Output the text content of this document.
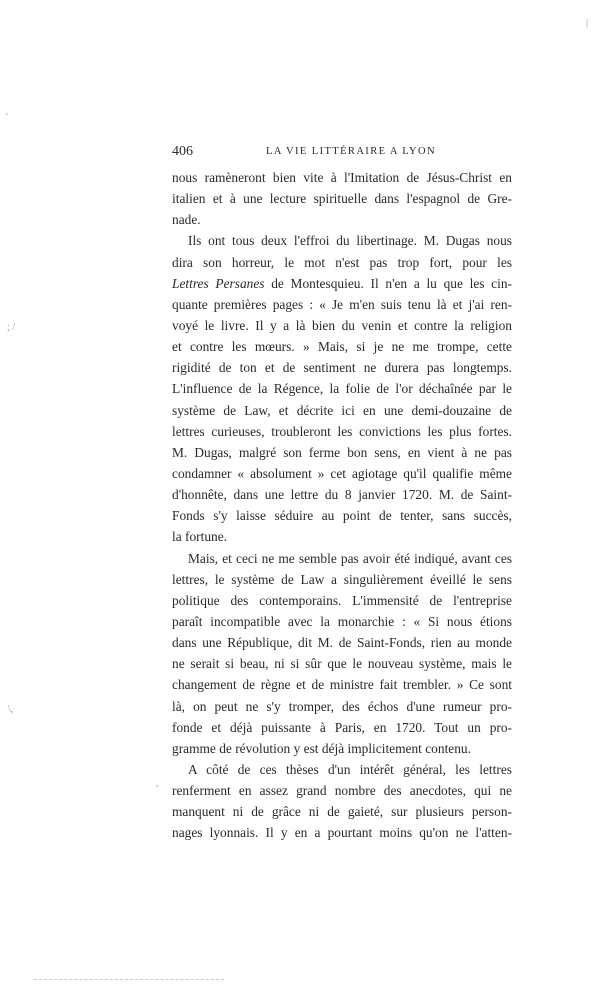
'
; /
\,
,
|
406	LA VIE LITTÉRAIRE A LYON
nous ramèneront bien vite à l'Imitation de Jésus-Christ en
italien et à une lecture spirituelle dans l'espagnol de Gre-
nade.
Ils ont tous deux l'effroi du libertinage. M. Dugas nous
dira son horreur, le mot n'est pas trop fort, pour les
Lettres Persanes de Montesquieu. Il n'en a lu que les cin-
quante premières pages : « Je m'en suis tenu là et j'ai ren-
voyé le livre. Il y a là bien du venin et contre la religion
et contre les mœurs. » Mais, si je ne me trompe, cette
rigidité de ton et de sentiment ne durera pas longtemps.
L'influence de la Régence, la folie de l'or déchaînée par le
système de Law, et décrite ici en une demi-douzaine de
lettres curieuses, troubleront les convictions les plus fortes.
M. Dugas, malgré son ferme bon sens, en vient à ne pas
condamner « absolument » cet agiotage qu'il qualifie même
d'honnête, dans une lettre du 8 janvier 1720. M. de Saint-
Fonds s'y laisse séduire au point de tenter, sans succès,
la fortune.
Mais, et ceci ne me semble pas avoir été indiqué, avant ces
lettres, le système de Law a singulièrement éveillé le sens
politique des contemporains. L'immensité de l'entreprise
paraît incompatible avec la monarchie : « Si nous étions
dans une République, dit M. de Saint-Fonds, rien au monde
ne serait si beau, ni si sûr que le nouveau système, mais le
changement de règne et de ministre fait trembler. » Ce sont
là, on peut ne s'y tromper, des échos d'une rumeur pro-
fonde et déjà puissante à Paris, en 1720. Tout un pro-
gramme de révolution y est déjà implicitement contenu.
A côté de ces thèses d'un intérêt général, les lettres
renferment en assez grand nombre des anecdotes, qui ne
manquent ni de grâce ni de gaieté, sur plusieurs person-
nages lyonnais. Il y en a pourtant moins qu'on ne l'atten-
